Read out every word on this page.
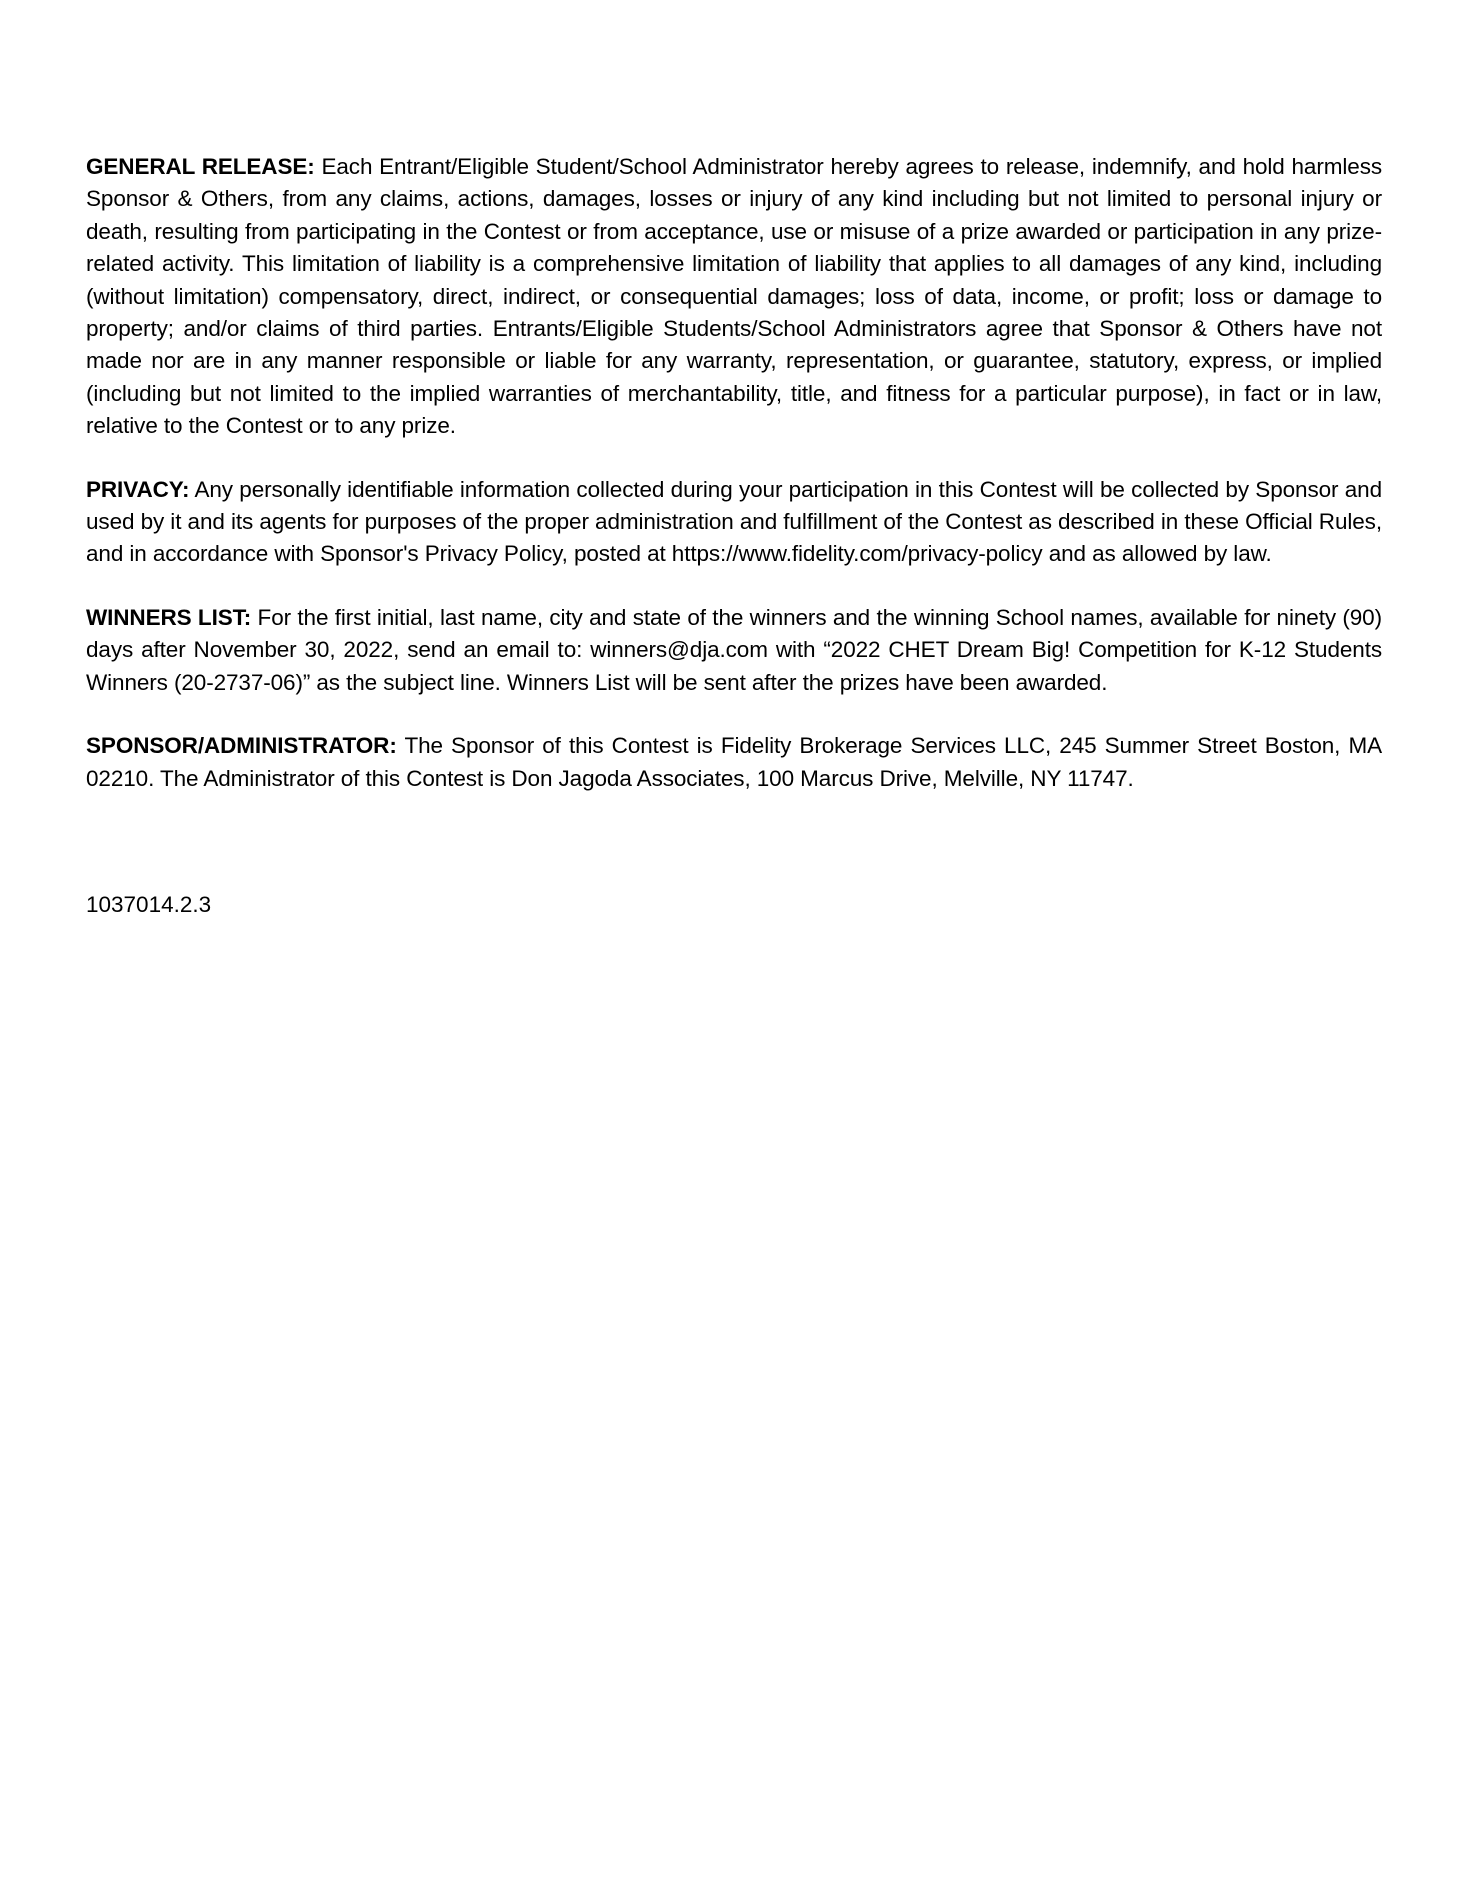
GENERAL RELEASE: Each Entrant/Eligible Student/School Administrator hereby agrees to release, indemnify, and hold harmless Sponsor & Others, from any claims, actions, damages, losses or injury of any kind including but not limited to personal injury or death, resulting from participating in the Contest or from acceptance, use or misuse of a prize awarded or participation in any prize-related activity. This limitation of liability is a comprehensive limitation of liability that applies to all damages of any kind, including (without limitation) compensatory, direct, indirect, or consequential damages; loss of data, income, or profit; loss or damage to property; and/or claims of third parties. Entrants/Eligible Students/School Administrators agree that Sponsor & Others have not made nor are in any manner responsible or liable for any warranty, representation, or guarantee, statutory, express, or implied (including but not limited to the implied warranties of merchantability, title, and fitness for a particular purpose), in fact or in law, relative to the Contest or to any prize.

PRIVACY: Any personally identifiable information collected during your participation in this Contest will be collected by Sponsor and used by it and its agents for purposes of the proper administration and fulfillment of the Contest as described in these Official Rules, and in accordance with Sponsor's Privacy Policy, posted at https://www.fidelity.com/privacy-policy and as allowed by law.

WINNERS LIST: For the first initial, last name, city and state of the winners and the winning School names, available for ninety (90) days after November 30, 2022, send an email to: winners@dja.com with “2022 CHET Dream Big! Competition for K-12 Students Winners (20-2737-06)” as the subject line. Winners List will be sent after the prizes have been awarded.

SPONSOR/ADMINISTRATOR: The Sponsor of this Contest is Fidelity Brokerage Services LLC, 245 Summer Street Boston, MA 02210. The Administrator of this Contest is Don Jagoda Associates, 100 Marcus Drive, Melville, NY 11747.

1037014.2.3
